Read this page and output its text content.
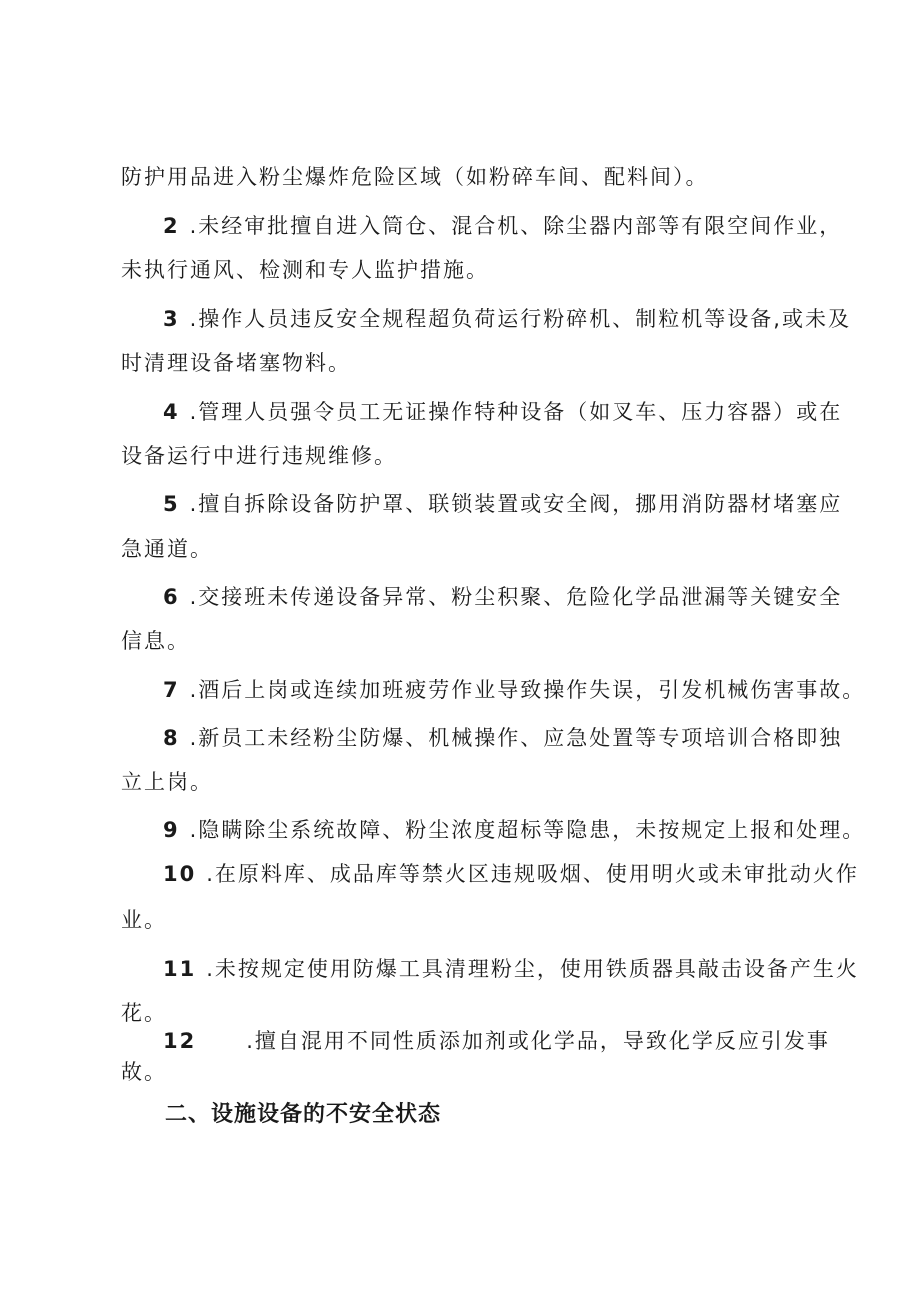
防护用品进入粉尘爆炸危险区域（如粉碎车间、配料间）。
2 .未经审批擅自进入筒仓、混合机、除尘器内部等有限空间作业，
未执行通风、检测和专人监护措施。
3 .操作人员违反安全规程超负荷运行粉碎机、制粒机等设备,或未及
时清理设备堵塞物料。
4 .管理人员强令员工无证操作特种设备（如叉车、压力容器）或在
设备运行中进行违规维修。
5 .擅自拆除设备防护罩、联锁装置或安全阀，挪用消防器材堵塞应
急通道。
6 .交接班未传递设备异常、粉尘积聚、危险化学品泄漏等关键安全
信息。
7 .酒后上岗或连续加班疲劳作业导致操作失误，引发机械伤害事故。
8 .新员工未经粉尘防爆、机械操作、应急处置等专项培训合格即独
立上岗。
9 .隐瞒除尘系统故障、粉尘浓度超标等隐患，未按规定上报和处理。
10 .在原料库、成品库等禁火区违规吸烟、使用明火或未审批动火作
业。
11 .未按规定使用防爆工具清理粉尘，使用铁质器具敲击设备产生火
花。
12 .擅自混用不同性质添加剂或化学品，导致化学反应引发事
故。
二、设施设备的不安全状态
